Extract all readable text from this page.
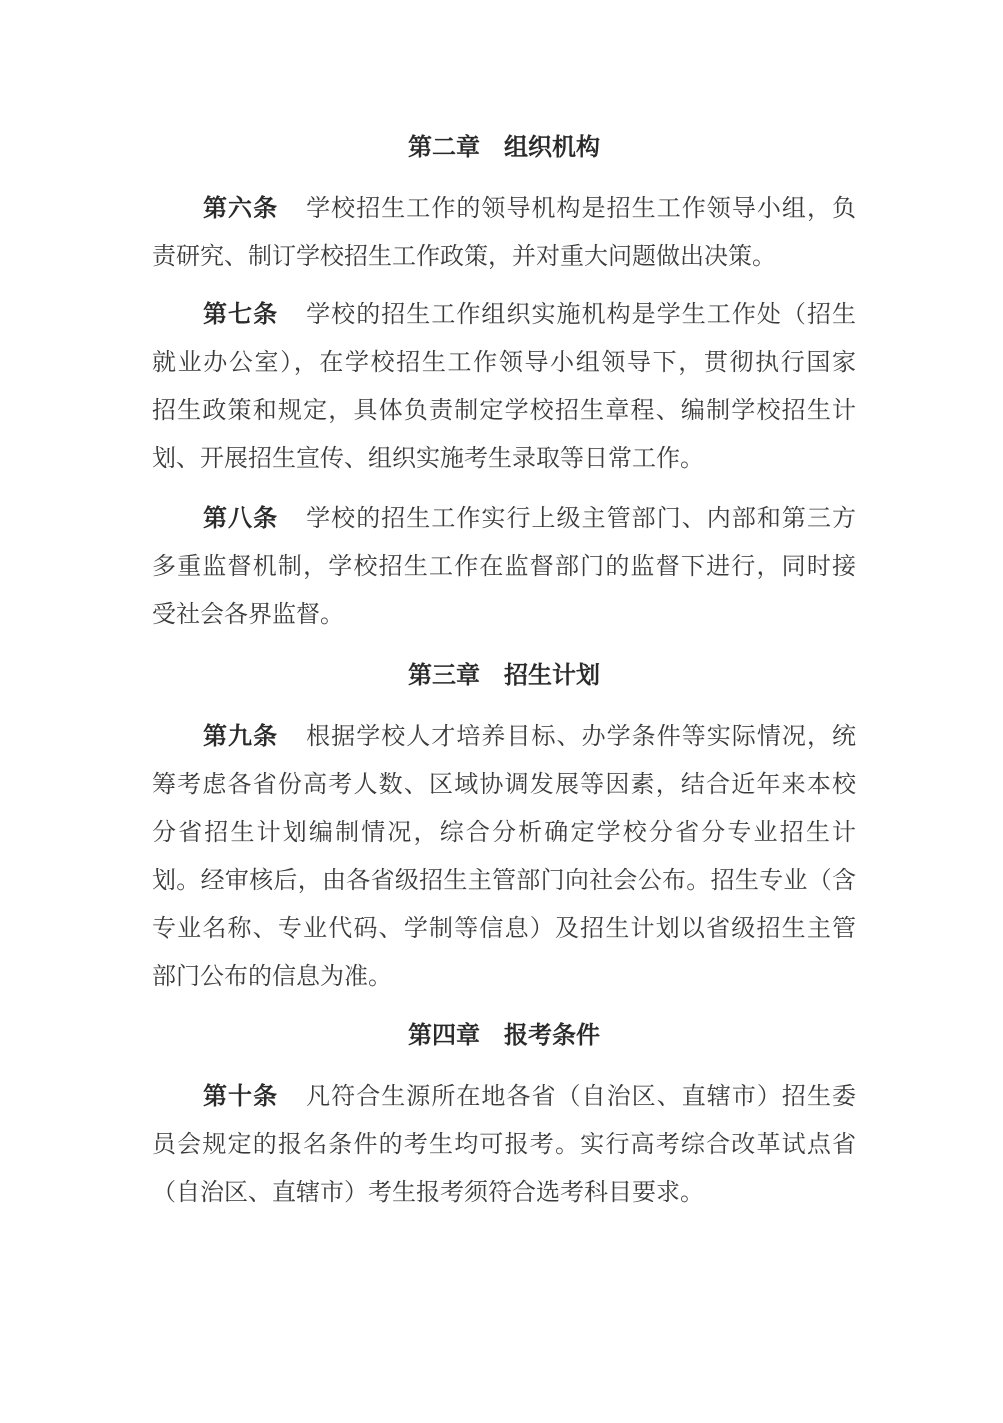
第二章　组织机构
第六条 学校招生工作的领导机构是招生工作领导小组，负
责研究、制订学校招生工作政策，并对重大问题做出决策。
第七条 学校的招生工作组织实施机构是学生工作处（招生
就业办公室），在学校招生工作领导小组领导下，贯彻执行国家
招生政策和规定，具体负责制定学校招生章程、编制学校招生计
划、开展招生宣传、组织实施考生录取等日常工作。
第八条 学校的招生工作实行上级主管部门、内部和第三方
多重监督机制，学校招生工作在监督部门的监督下进行，同时接
受社会各界监督。
第三章　招生计划
第九条 根据学校人才培养目标、办学条件等实际情况，统
筹考虑各省份高考人数、区域协调发展等因素，结合近年来本校
分省招生计划编制情况，综合分析确定学校分省分专业招生计
划。经审核后，由各省级招生主管部门向社会公布。招生专业（含
专业名称、专业代码、学制等信息）及招生计划以省级招生主管
部门公布的信息为准。
第四章　报考条件
第十条 凡符合生源所在地各省（自治区、直辖市）招生委
员会规定的报名条件的考生均可报考。实行高考综合改革试点省
（自治区、直辖市）考生报考须符合选考科目要求。
